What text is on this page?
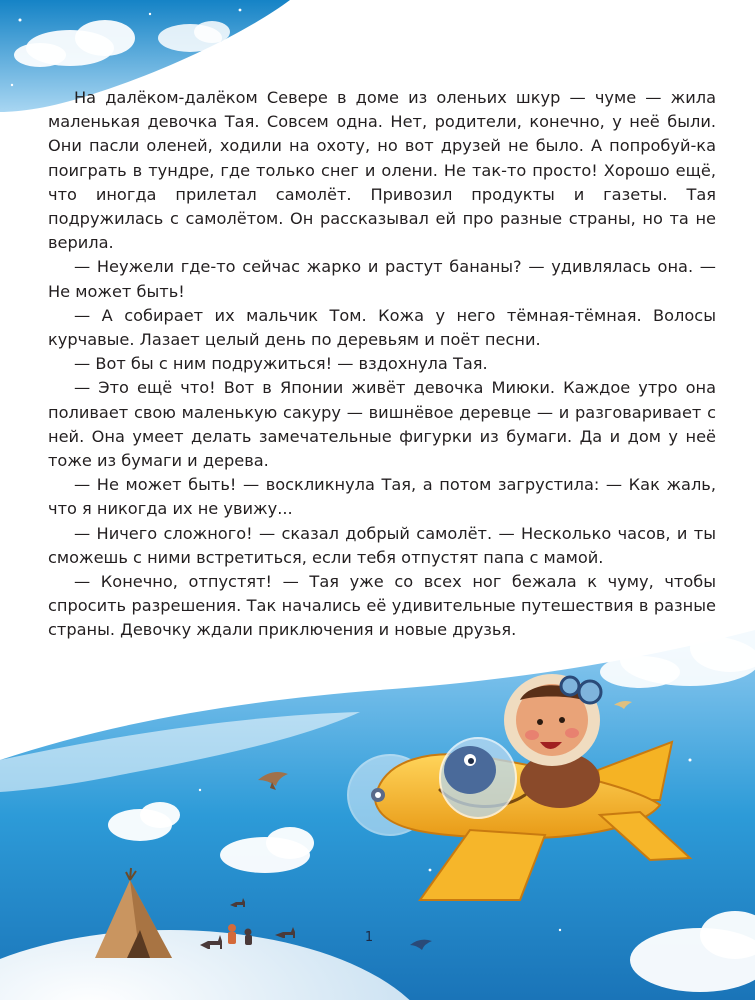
На далёком-далёком Севере в доме из оленьих шкур — чуме — жила маленькая девочка Тая. Совсем одна. Нет, родители, конечно, у неё были. Они пасли оленей, ходили на охоту, но вот друзей не было. А попробуй-ка поиграть в тундре, где только снег и олени. Не так-то просто! Хорошо ещё, что иногда прилетал самолёт. Привозил продукты и газеты. Тая подружилась с самолётом. Он рассказывал ей про разные страны, но та не верила.

— Неужели где-то сейчас жарко и растут бананы? — удивлялась она. — Не может быть!

— А собирает их мальчик Том. Кожа у него тёмная-тёмная. Волосы курчавые. Лазает целый день по деревьям и поёт песни.

— Вот бы с ним подружиться! — вздохнула Тая.

— Это ещё что! Вот в Японии живёт девочка Миюки. Каждое утро она поливает свою маленькую сакуру — вишнёвое деревце — и разговаривает с ней. Она умеет делать замечательные фигурки из бумаги. Да и дом у неё тоже из бумаги и дерева.

— Не может быть! — воскликнула Тая, а потом загрустила: — Как жаль, что я никогда их не увижу...

— Ничего сложного! — сказал добрый самолёт. — Несколько часов, и ты сможешь с ними встретиться, если тебя отпустят папа с мамой.

— Конечно, отпустят! — Тая уже со всех ног бежала к чуму, чтобы спросить разрешения. Так начались её удивительные путешествия в разные страны. Девочку ждали приключения и новые друзья.

1
